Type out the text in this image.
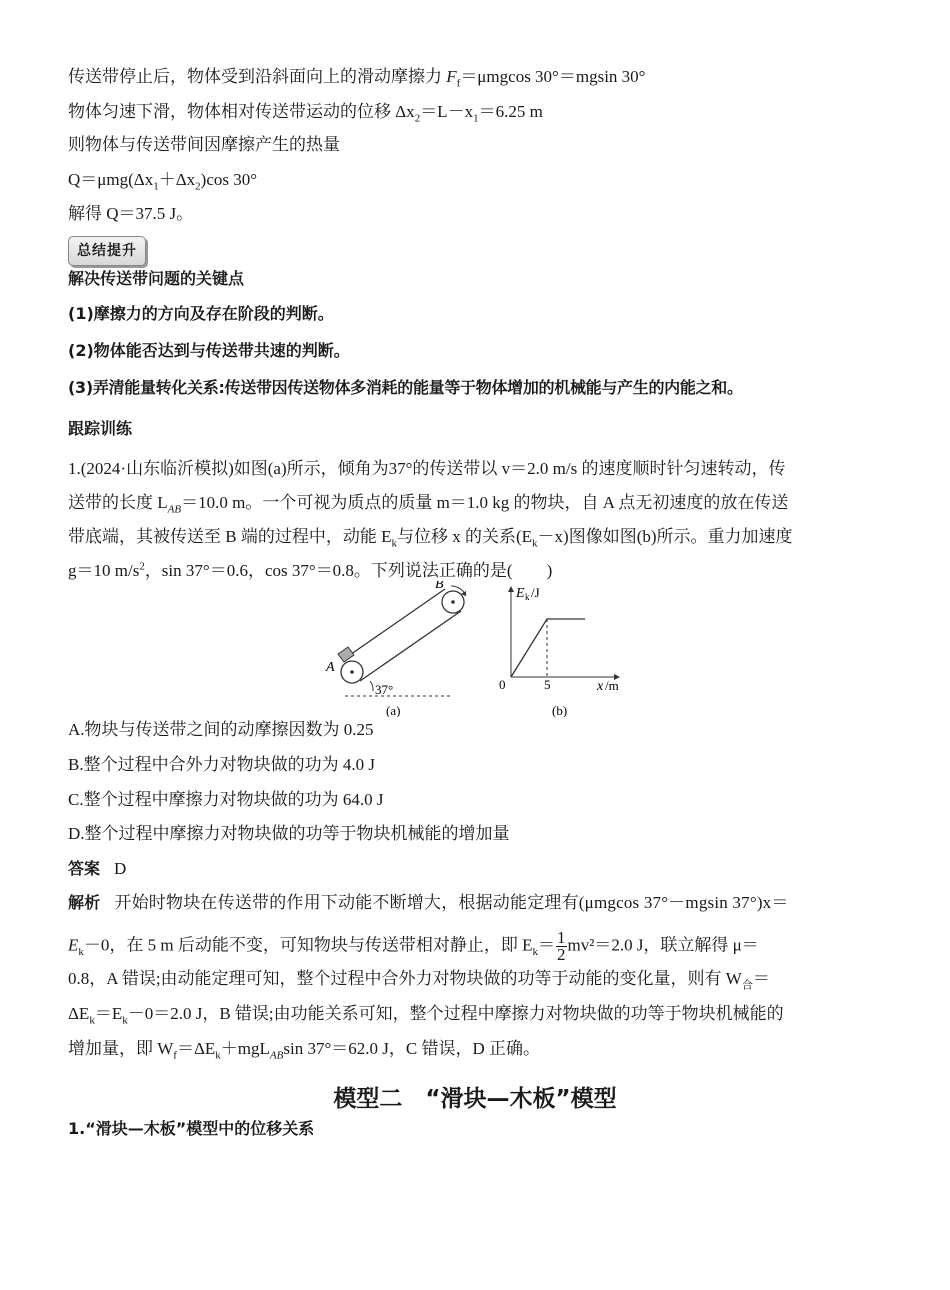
传送带停止后，物体受到沿斜面向上的滑动摩擦力 $F_f=\mu mgcos$ 30°＝mgsin 30°
物体匀速下滑，物体相对传送带运动的位移 $\Delta x_2=L-x_1=6.25$ m
则物体与传送带间因摩擦产生的热量
$Q=\mu mg(\Delta x_1+\Delta x_2)\cos$ 30°
解得 Q＝37.5 J。
总结提升
解决传送带问题的关键点
(1)摩擦力的方向及存在阶段的判断。
(2)物体能否达到与传送带共速的判断。
(3)弄清能量转化关系:传送带因传送物体多消耗的能量等于物体增加的机械能与产生的内能之和。
跟踪训练
1.(2024·山东临沂模拟)如图(a)所示，倾角为37°的传送带以 v＝2.0 m/s 的速度顺时针匀速转动，传
送带的长度 $L_{AB}=10.0$ m。一个可视为质点的质量 m＝1.0 kg 的物块，自 A 点无初速度的放在传送
带底端，其被传送至 B 端的过程中，动能 $E_k$与位移 x 的关系$(E_k-x)$图像如图(b)所示。重力加速度
g＝10 $m/s^2$，sin 37°＝0.6，cos 37°＝0.8。下列说法正确的是(　　)
A
B
37°
(a)
E k /J
x /m
0	5
(b)
A.物块与传送带之间的动摩擦因数为 0.25
B.整个过程中合外力对物块做的功为 4.0 J
C.整个过程中摩擦力对物块做的功为 64.0 J
D.整个过程中摩擦力对物块做的功等于物块机械能的增加量
答案 D
解析 开始时物块在传送带的作用下动能不断增大，根据动能定理有(μmgcos 37°－mgsin 37°)x＝
$E_k-0$，在 5 m 后动能不变，可知物块与传送带相对静止，即 $E_k= \frac{1}{2} mv^2=2.0$ J，联立解得 μ＝
0.8，A 错误;由动能定理可知，整个过程中合外力对物块做的功等于动能的变化量，则有 $W_合=$
$\Delta E_k=E_k-0=2.0$ J，B 错误;由功能关系可知，整个过程中摩擦力对物块做的功等于物块机械能的
增加量，即 $W_f=\Delta E_k+mgL_{AB}\sin$ 37°＝62.0 J，C 错误，D 正确。
模型二　“滑块—木板”模型
1.“滑块—木板”模型中的位移关系
